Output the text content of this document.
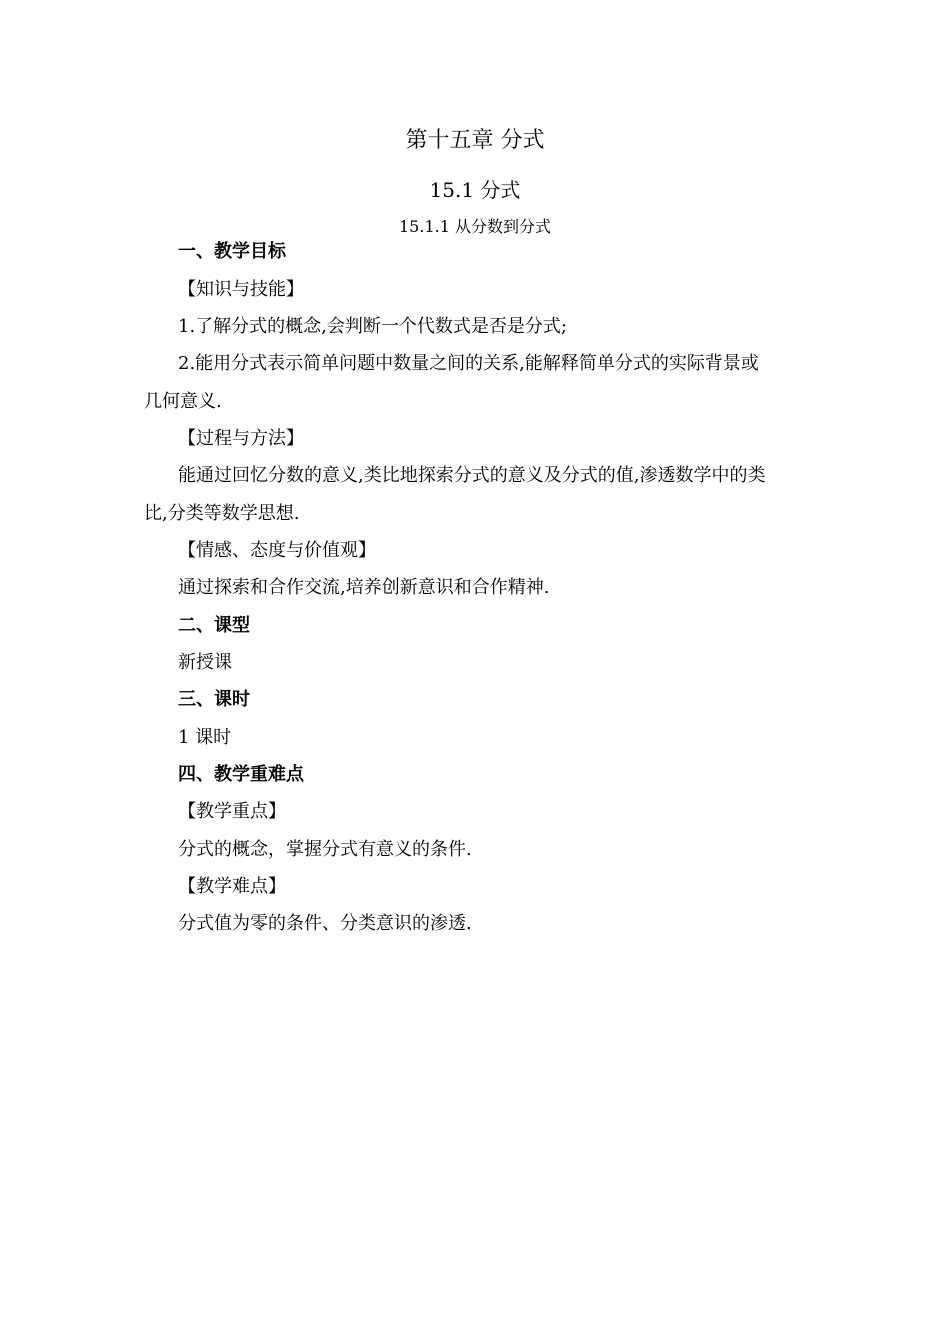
第十五章 分式
15.1 分式
15.1.1 从分数到分式
一、教学目标
【知识与技能】
1.了解分式的概念,会判断一个代数式是否是分式;
2.能用分式表示简单问题中数量之间的关系,能解释简单分式的实际背景或
几何意义.
【过程与方法】
能通过回忆分数的意义,类比地探索分式的意义及分式的值,渗透数学中的类
比,分类等数学思想.
【情感、态度与价值观】
通过探索和合作交流,培养创新意识和合作精神.
二、课型
新授课
三、课时
1 课时
四、教学重难点
【教学重点】
分式的概念，掌握分式有意义的条件.
【教学难点】
分式值为零的条件、分类意识的渗透.
